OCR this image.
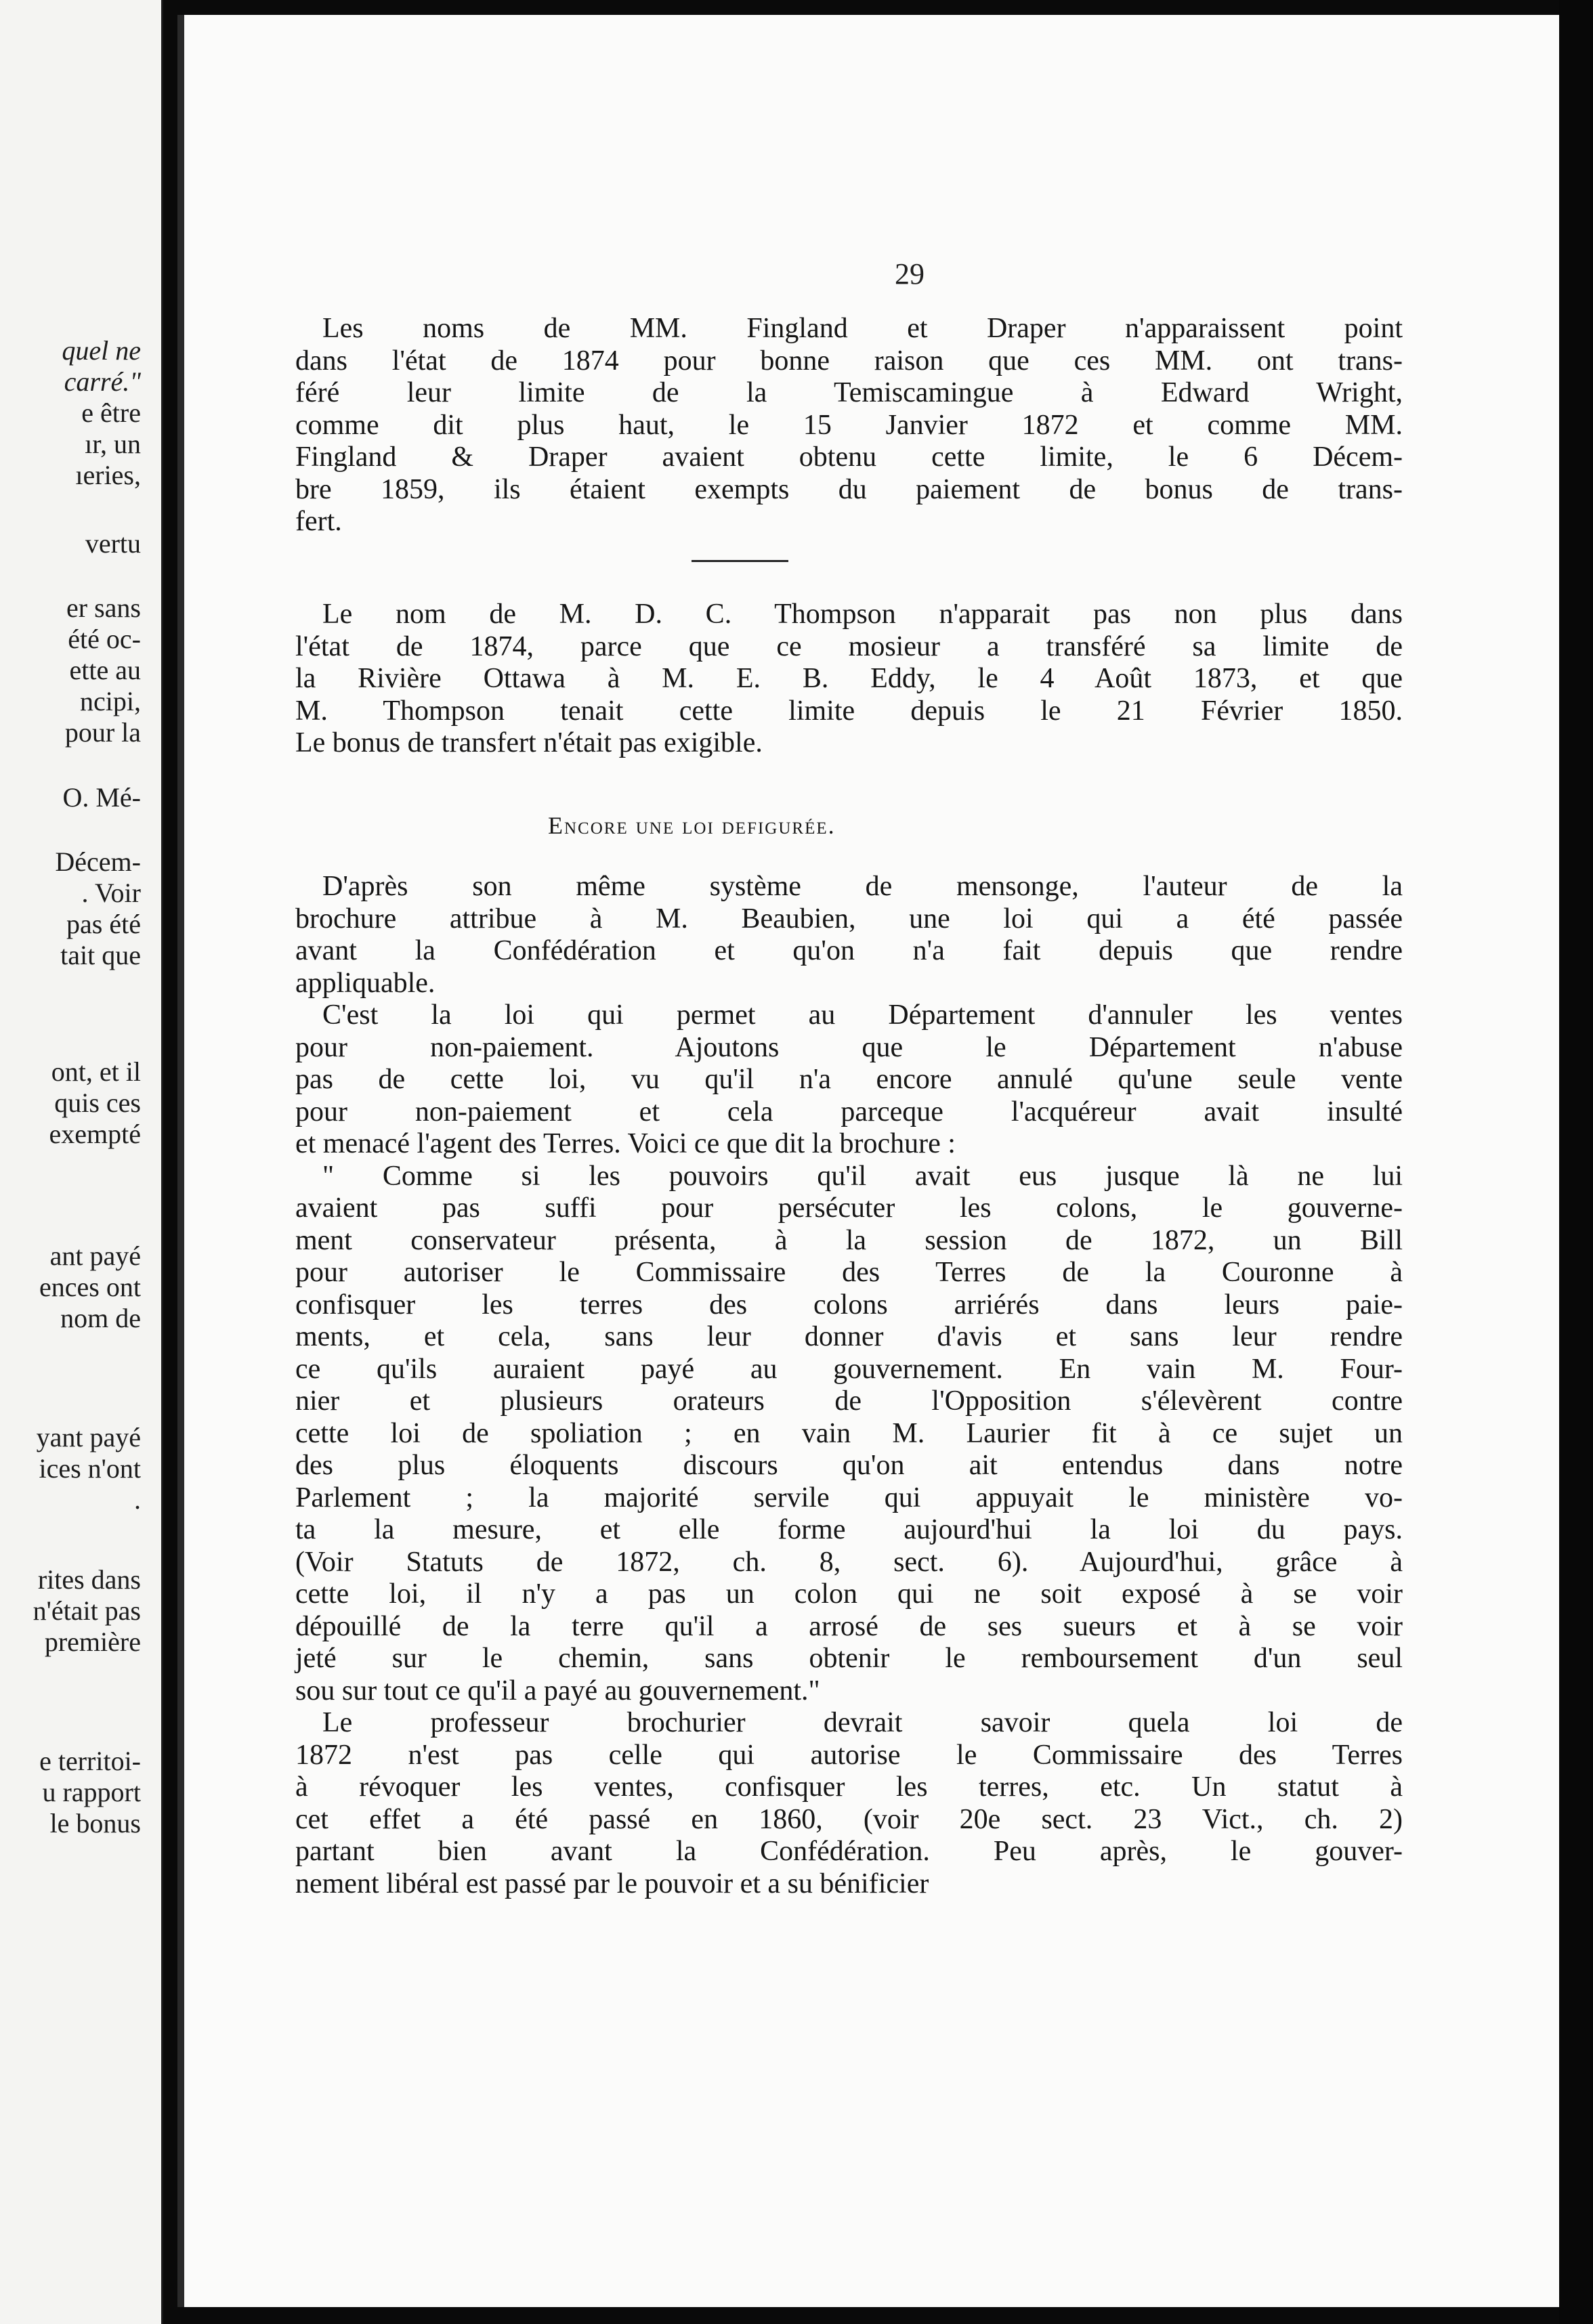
quel ne
carré."
e être
ır, un
ıeries,
vertu
er sans
été oc-
ette au
ncipi,
pour la
O. Mé-
Décem-
. Voir
pas été
tait que
ont, et il
quis ces
exempté
ant payé
ences ont
nom de
yant payé
ices n'ont
.
rites dans
n'était pas
première
e territoi-
u rapport
le bonus
29
Les noms de MM. Fingland et Draper n'apparaissent point
dans l'état de 1874 pour bonne raison que ces MM. ont trans-
féré leur limite de la Temiscamingue à Edward Wright,
comme dit plus haut, le 15 Janvier 1872 et comme MM.
Fingland & Draper avaient obtenu cette limite, le 6 Décem-
bre 1859, ils étaient exempts du paiement de bonus de trans-
fert.
Le nom de M. D. C. Thompson n'apparait pas non plus dans
l'état de 1874, parce que ce mosieur a transféré sa limite de
la Rivière Ottawa à M. E. B. Eddy, le 4 Août 1873, et que
M. Thompson tenait cette limite depuis le 21 Février 1850.
Le bonus de transfert n'était pas exigible.
Encore une loi defigurée.
D'après son même système de mensonge, l'auteur de la
brochure attribue à M. Beaubien, une loi qui a été passée
avant la Confédération et qu'on n'a fait depuis que rendre
appliquable.
C'est la loi qui permet au Département d'annuler les ventes
pour non-paiement. Ajoutons que le Département n'abuse
pas de cette loi, vu qu'il n'a encore annulé qu'une seule vente
pour non-paiement et cela parceque l'acquéreur avait insulté
et menacé l'agent des Terres. Voici ce que dit la brochure :
" Comme si les pouvoirs qu'il avait eus jusque là ne lui
avaient pas suffi pour persécuter les colons, le gouverne-
ment conservateur présenta, à la session de 1872, un Bill
pour autoriser le Commissaire des Terres de la Couronne à
confisquer les terres des colons arriérés dans leurs paie-
ments, et cela, sans leur donner d'avis et sans leur rendre
ce qu'ils auraient payé au gouvernement. En vain M. Four-
nier et plusieurs orateurs de l'Opposition s'élevèrent contre
cette loi de spoliation ; en vain M. Laurier fit à ce sujet un
des plus éloquents discours qu'on ait entendus dans notre
Parlement ; la majorité servile qui appuyait le ministère vo-
ta la mesure, et elle forme aujourd'hui la loi du pays.
(Voir Statuts de 1872, ch. 8, sect. 6). Aujourd'hui, grâce à
cette loi, il n'y a pas un colon qui ne soit exposé à se voir
dépouillé de la terre qu'il a arrosé de ses sueurs et à se voir
jeté sur le chemin, sans obtenir le remboursement d'un seul
sou sur tout ce qu'il a payé au gouvernement."
Le professeur brochurier devrait savoir quela loi de
1872 n'est pas celle qui autorise le Commissaire des Terres
à révoquer les ventes, confisquer les terres, etc. Un statut à
cet effet a été passé en 1860, (voir 20e sect. 23 Vict., ch. 2)
partant bien avant la Confédération. Peu après, le gouver-
nement libéral est passé par le pouvoir et a su bénificier
